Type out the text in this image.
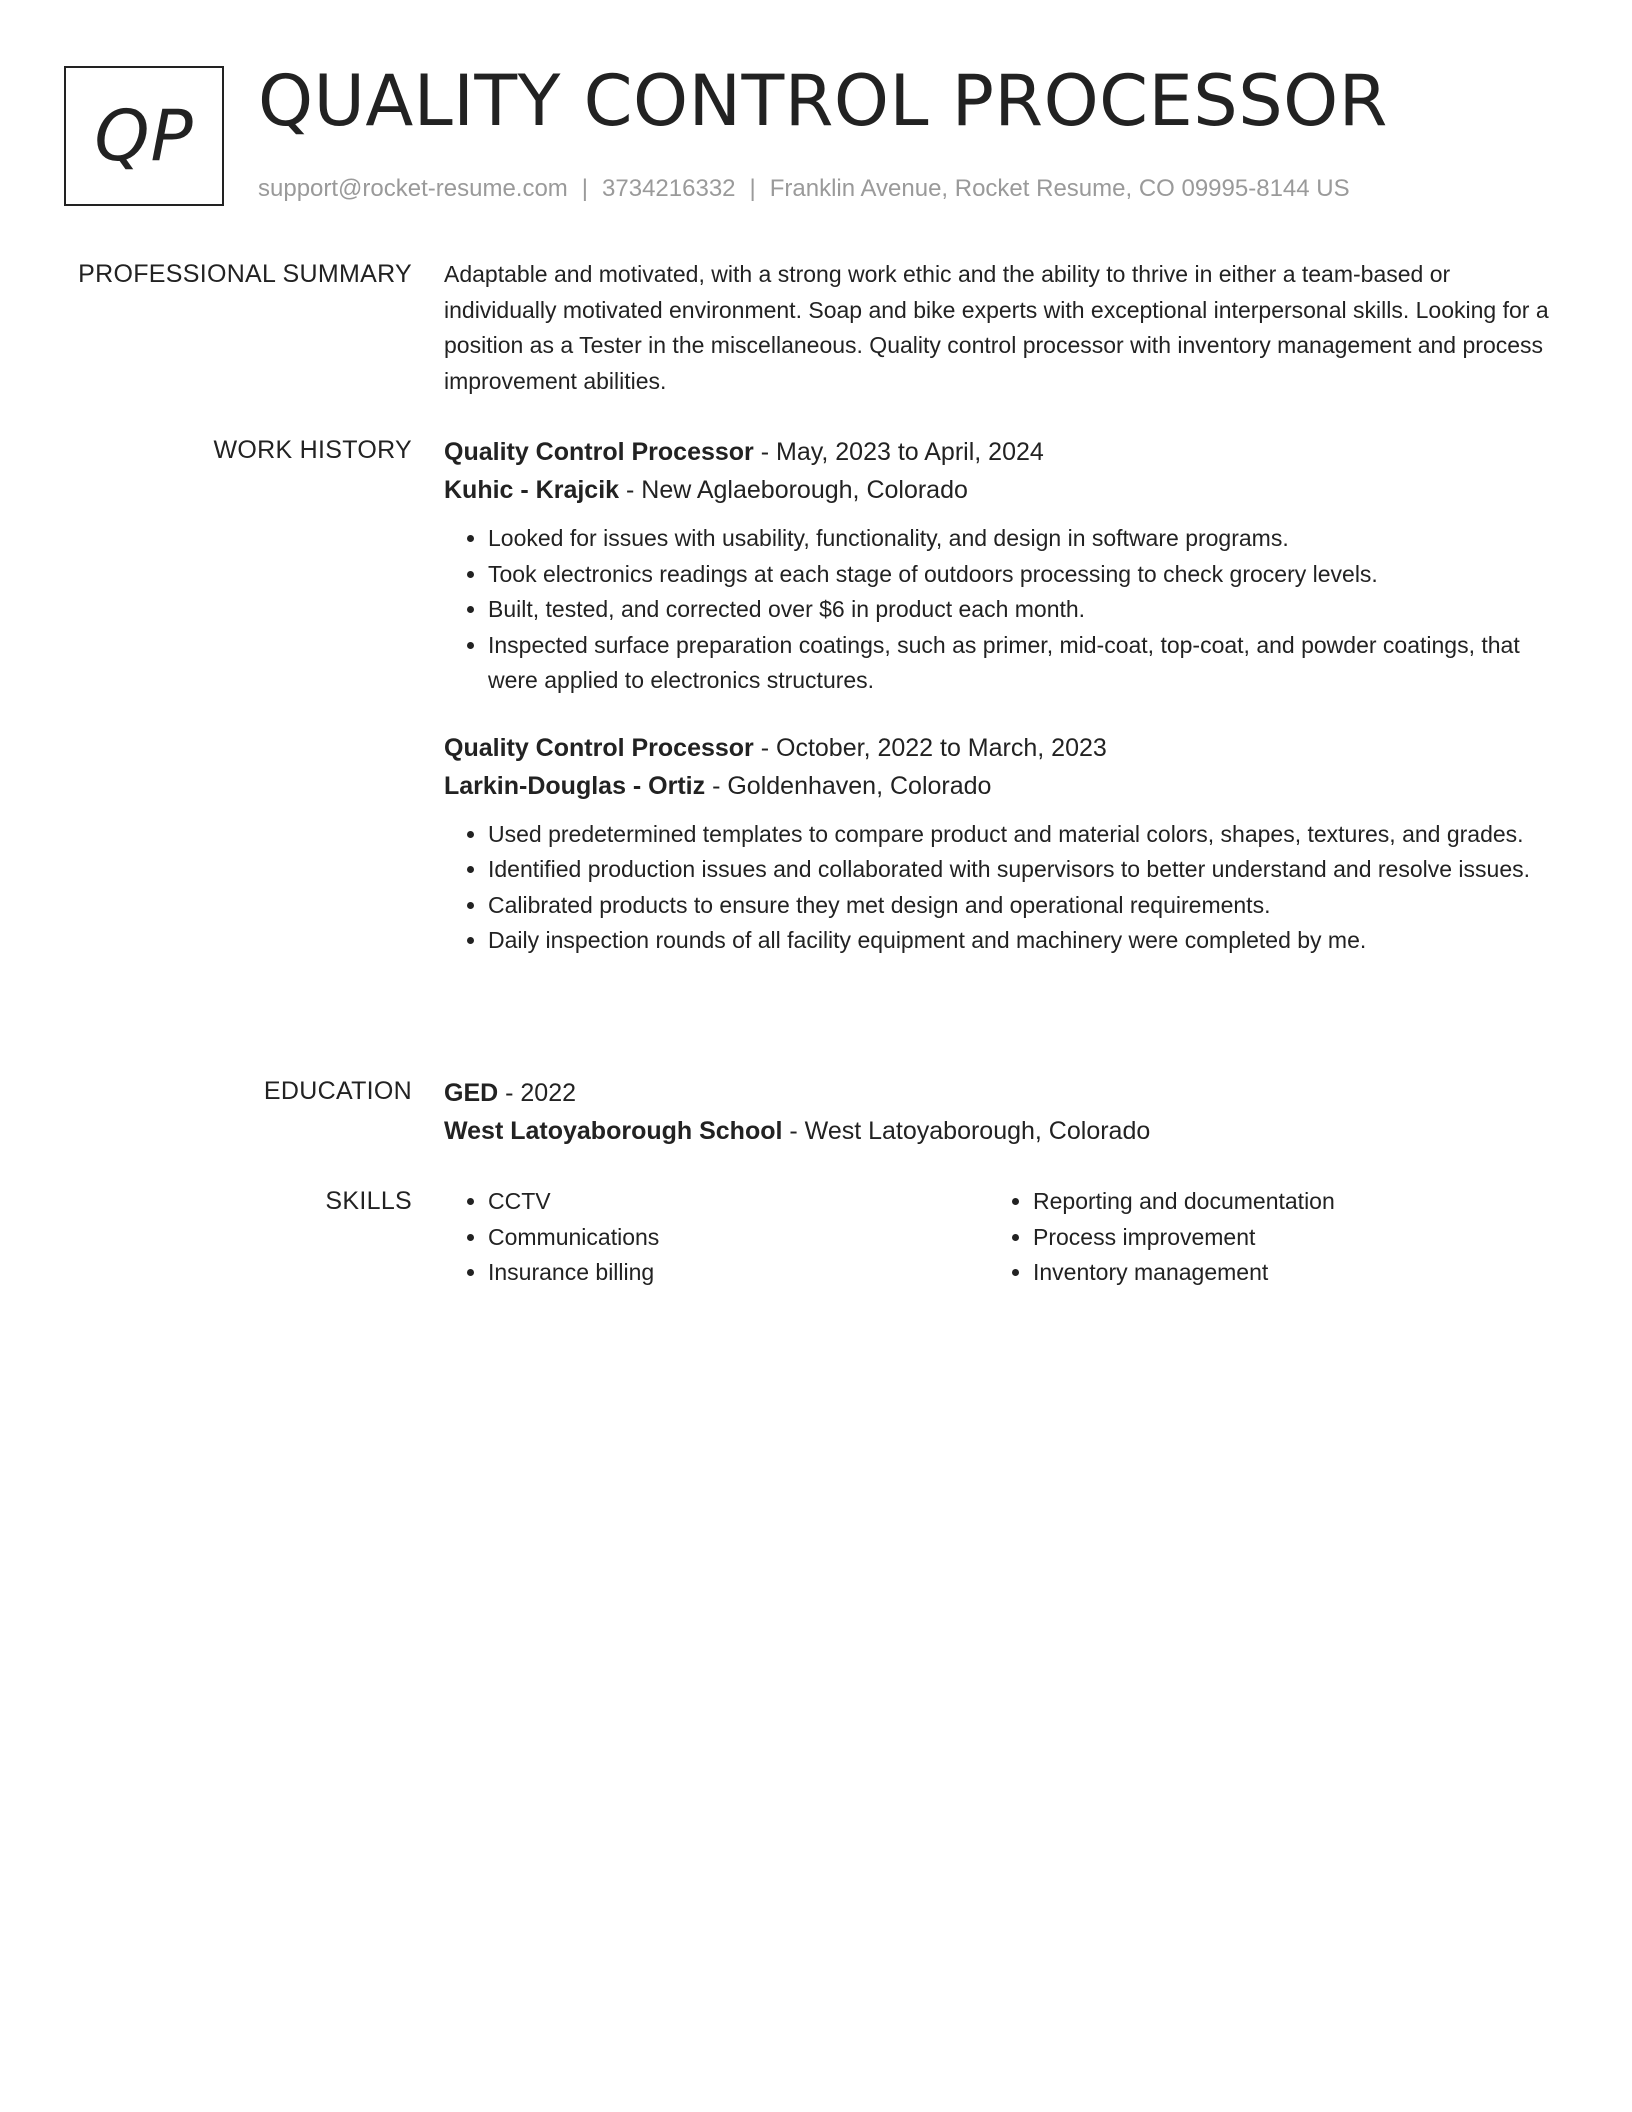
QP QUALITY CONTROL PROCESSOR
support@rocket-resume.com | 3734216332 | Franklin Avenue, Rocket Resume, CO 09995-8144 US
PROFESSIONAL SUMMARY Adaptable and motivated, with a strong work ethic and the ability to thrive in either a team-based or individually motivated environment. Soap and bike experts with exceptional interpersonal skills. Looking for a position as a Tester in the miscellaneous. Quality control processor with inventory management and process improvement abilities.

WORK HISTORY Quality Control Processor - May, 2023 to April, 2024
Kuhic - Krajcik - New Aglaeborough, Colorado
• Looked for issues with usability, functionality, and design in software programs.
• Took electronics readings at each stage of outdoors processing to check grocery levels.
• Built, tested, and corrected over $6 in product each month.
• Inspected surface preparation coatings, such as primer, mid-coat, top-coat, and powder coatings, that were applied to electronics structures.
Quality Control Processor - October, 2022 to March, 2023
Larkin-Douglas - Ortiz - Goldenhaven, Colorado
• Used predetermined templates to compare product and material colors, shapes, textures, and grades.
• Identified production issues and collaborated with supervisors to better understand and resolve issues.
• Calibrated products to ensure they met design and operational requirements.
• Daily inspection rounds of all facility equipment and machinery were completed by me.
EDUCATION GED - 2022
West Latoyaborough School - West Latoyaborough, Colorado
SKILLS
•	CCTV
• Communications
• Insurance billing
• Reporting and documentation
• Process improvement
• Inventory management
